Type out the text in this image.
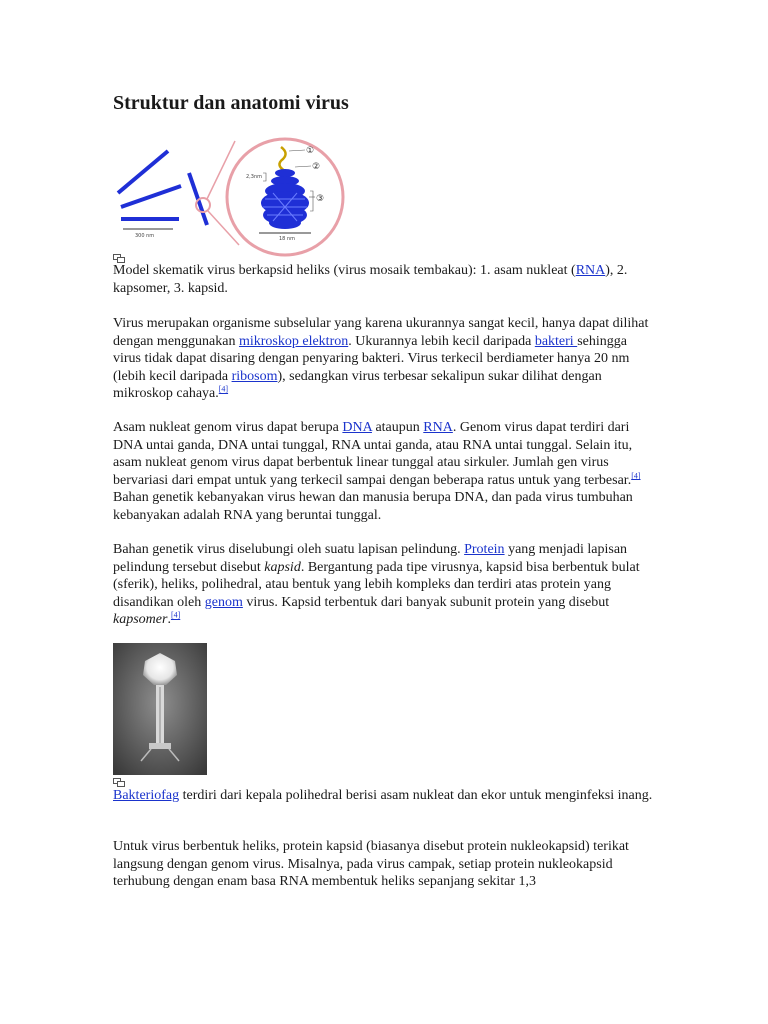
Struktur dan anatomi virus
300 nm
①
②
③
2,3nm
18 nm

Model skematik virus berkapsid heliks (virus mosaik tembakau): 1. asam nukleat (RNA), 2. kapsomer, 3. kapsid.

Virus merupakan organisme subselular yang karena ukurannya sangat kecil, hanya dapat dilihat dengan menggunakan mikroskop elektron. Ukurannya lebih kecil daripada bakteri sehingga virus tidak dapat disaring dengan penyaring bakteri. Virus terkecil berdiameter hanya 20 nm (lebih kecil daripada ribosom), sedangkan virus terbesar sekalipun sukar dilihat dengan mikroskop cahaya.[4]

Asam nukleat genom virus dapat berupa DNA ataupun RNA. Genom virus dapat terdiri dari DNA untai ganda, DNA untai tunggal, RNA untai ganda, atau RNA untai tunggal. Selain itu, asam nukleat genom virus dapat berbentuk linear tunggal atau sirkuler. Jumlah gen virus bervariasi dari empat untuk yang terkecil sampai dengan beberapa ratus untuk yang terbesar.[4] Bahan genetik kebanyakan virus hewan dan manusia berupa DNA, dan pada virus tumbuhan kebanyakan adalah RNA yang beruntai tunggal.

Bahan genetik virus diselubungi oleh suatu lapisan pelindung. Protein yang menjadi lapisan pelindung tersebut disebut kapsid. Bergantung pada tipe virusnya, kapsid bisa berbentuk bulat (sferik), heliks, polihedral, atau bentuk yang lebih kompleks dan terdiri atas protein yang disandikan oleh genom virus. Kapsid terbentuk dari banyak subunit protein yang disebut kapsomer.[4]

Bakteriofag terdiri dari kepala polihedral berisi asam nukleat dan ekor untuk menginfeksi inang.

Untuk virus berbentuk heliks, protein kapsid (biasanya disebut protein nukleokapsid) terikat langsung dengan genom virus. Misalnya, pada virus campak, setiap protein nukleokapsid terhubung dengan enam basa RNA membentuk heliks sepanjang sekitar 1,3
